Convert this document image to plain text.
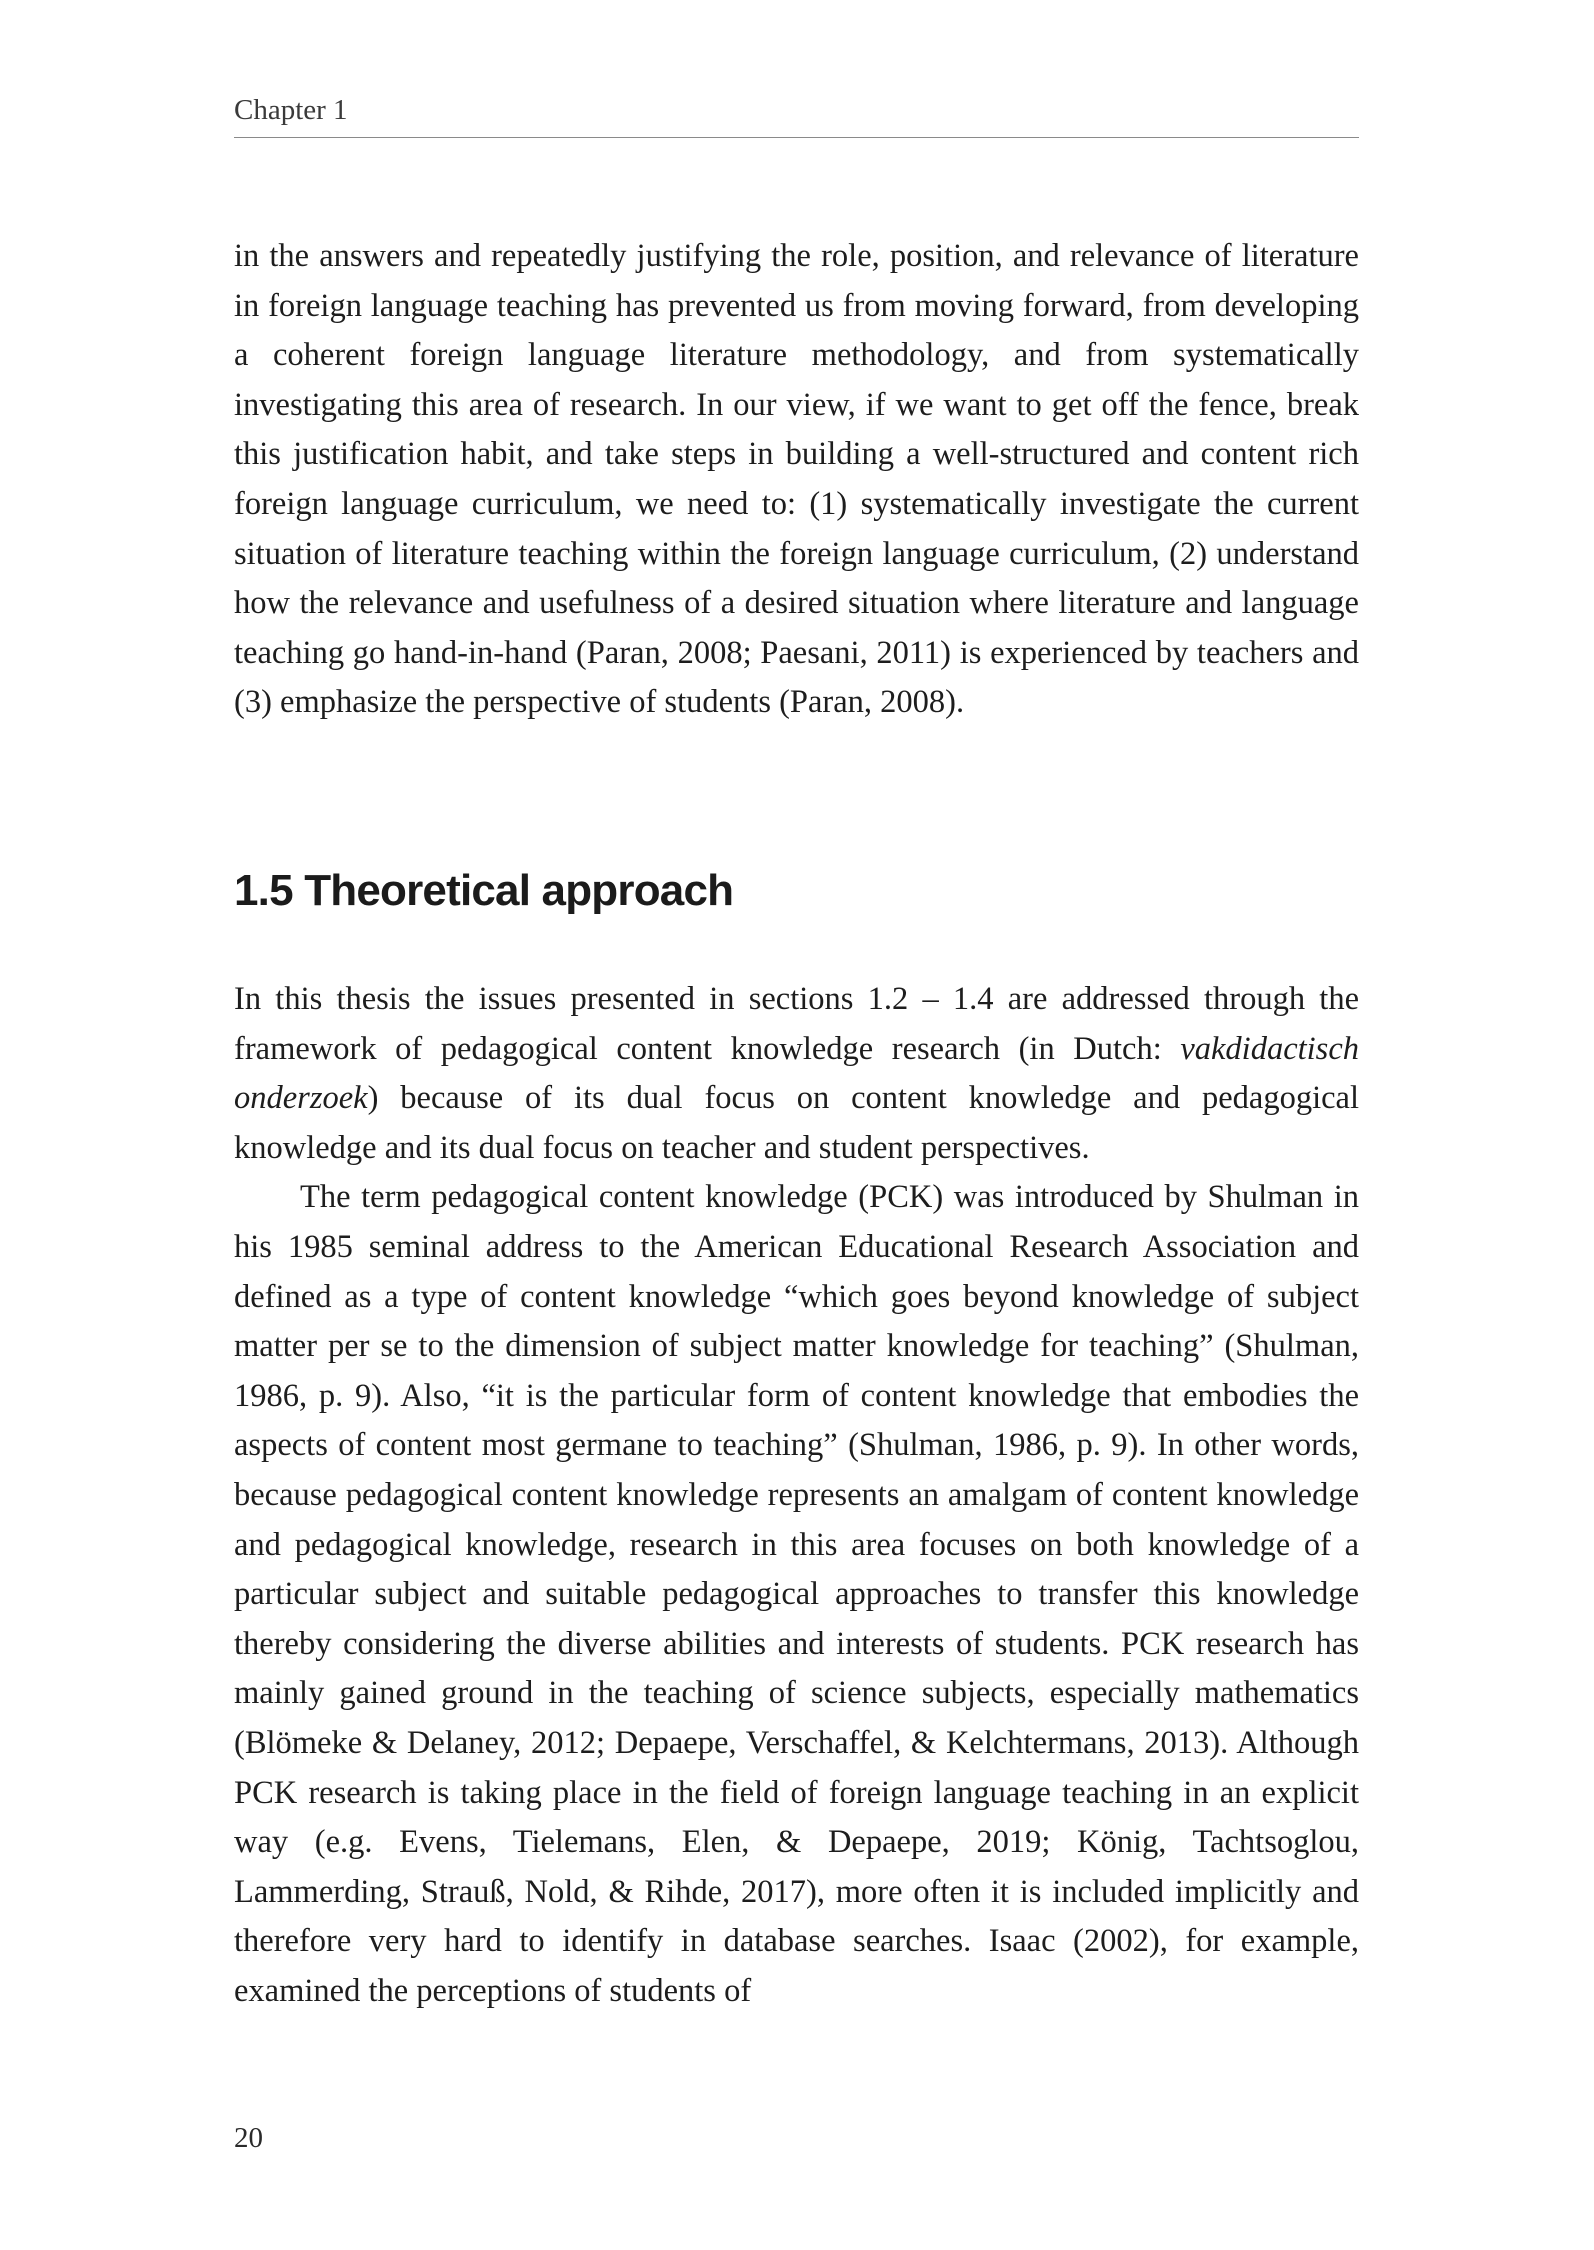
Chapter 1

in the answers and repeatedly justifying the role, position, and relevance of literature in foreign language teaching has prevented us from moving forward, from developing a coherent foreign language literature methodology, and from systematically investigating this area of research. In our view, if we want to get off the fence, break this justification habit, and take steps in building a well-structured and content rich foreign language curriculum, we need to: (1) systematically investigate the current situation of literature teaching within the foreign language curriculum, (2) understand how the relevance and usefulness of a desired situation where literature and language teaching go hand-in-hand (Paran, 2008; Paesani, 2011) is experienced by teachers and (3) emphasize the perspective of students (Paran, 2008).

1.5 Theoretical approach

In this thesis the issues presented in sections 1.2 – 1.4 are addressed through the framework of pedagogical content knowledge research (in Dutch: vakdidactisch onderzoek) because of its dual focus on content knowledge and pedagogical knowledge and its dual focus on teacher and student perspectives.

The term pedagogical content knowledge (PCK) was introduced by Shulman in his 1985 seminal address to the American Educational Research Association and defined as a type of content knowledge “which goes beyond knowledge of subject matter per se to the dimension of subject matter knowledge for teaching” (Shulman, 1986, p. 9). Also, “it is the particular form of content knowledge that embodies the aspects of content most germane to teaching” (Shulman, 1986, p. 9). In other words, because pedagogical content knowledge represents an amalgam of content knowledge and pedagogical knowledge, research in this area focuses on both knowledge of a particular subject and suitable pedagogical approaches to transfer this knowledge thereby considering the diverse abilities and interests of students. PCK research has mainly gained ground in the teaching of science subjects, especially mathematics (Blömeke & Delaney, 2012; Depaepe, Verschaffel, & Kelchtermans, 2013). Although PCK research is taking place in the field of foreign language teaching in an explicit way (e.g. Evens, Tielemans, Elen, & Depaepe, 2019; König, Tachtsoglou, Lammerding, Strauß, Nold, & Rihde, 2017), more often it is included implicitly and therefore very hard to identify in database searches. Isaac (2002), for example, examined the perceptions of students of

20
